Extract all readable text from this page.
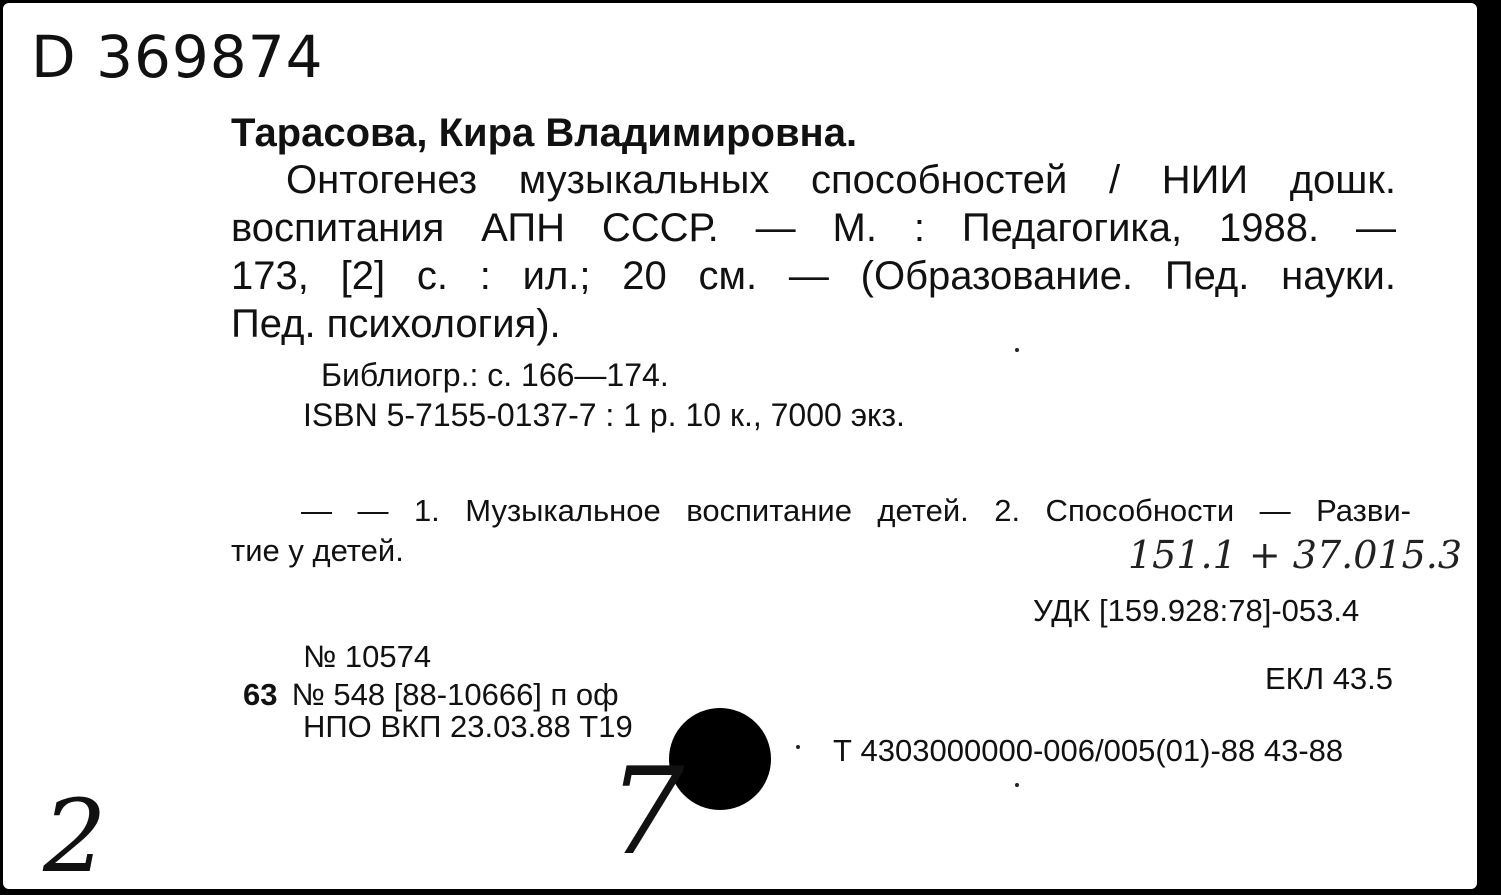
D 369874
Тарасова, Кира Владимировна.
Онтогенез музыкальных способностей / НИИ дошк.
воспитания АПН СССР. — М. : Педагогика, 1988. —
173, [2] с. : ил.; 20 см. — (Образование. Пед. науки.
Пед. психология).
Библиогр.: с. 166—174.
ISBN 5-7155-0137-7 : 1 р. 10 к., 7000 экз.
— — 1. Музыкальное воспитание детей. 2. Способности — Разви-
тие у детей.	151.1 + 37.015.3
УДК [159.928:78]-053.4
ЕКЛ 43.5
№ 10574
63 № 548 [88-10666] п оф
НПО ВКП 23.03.88 Т19
Т 4303000000-006/005(01)-88 43-88
2	7
